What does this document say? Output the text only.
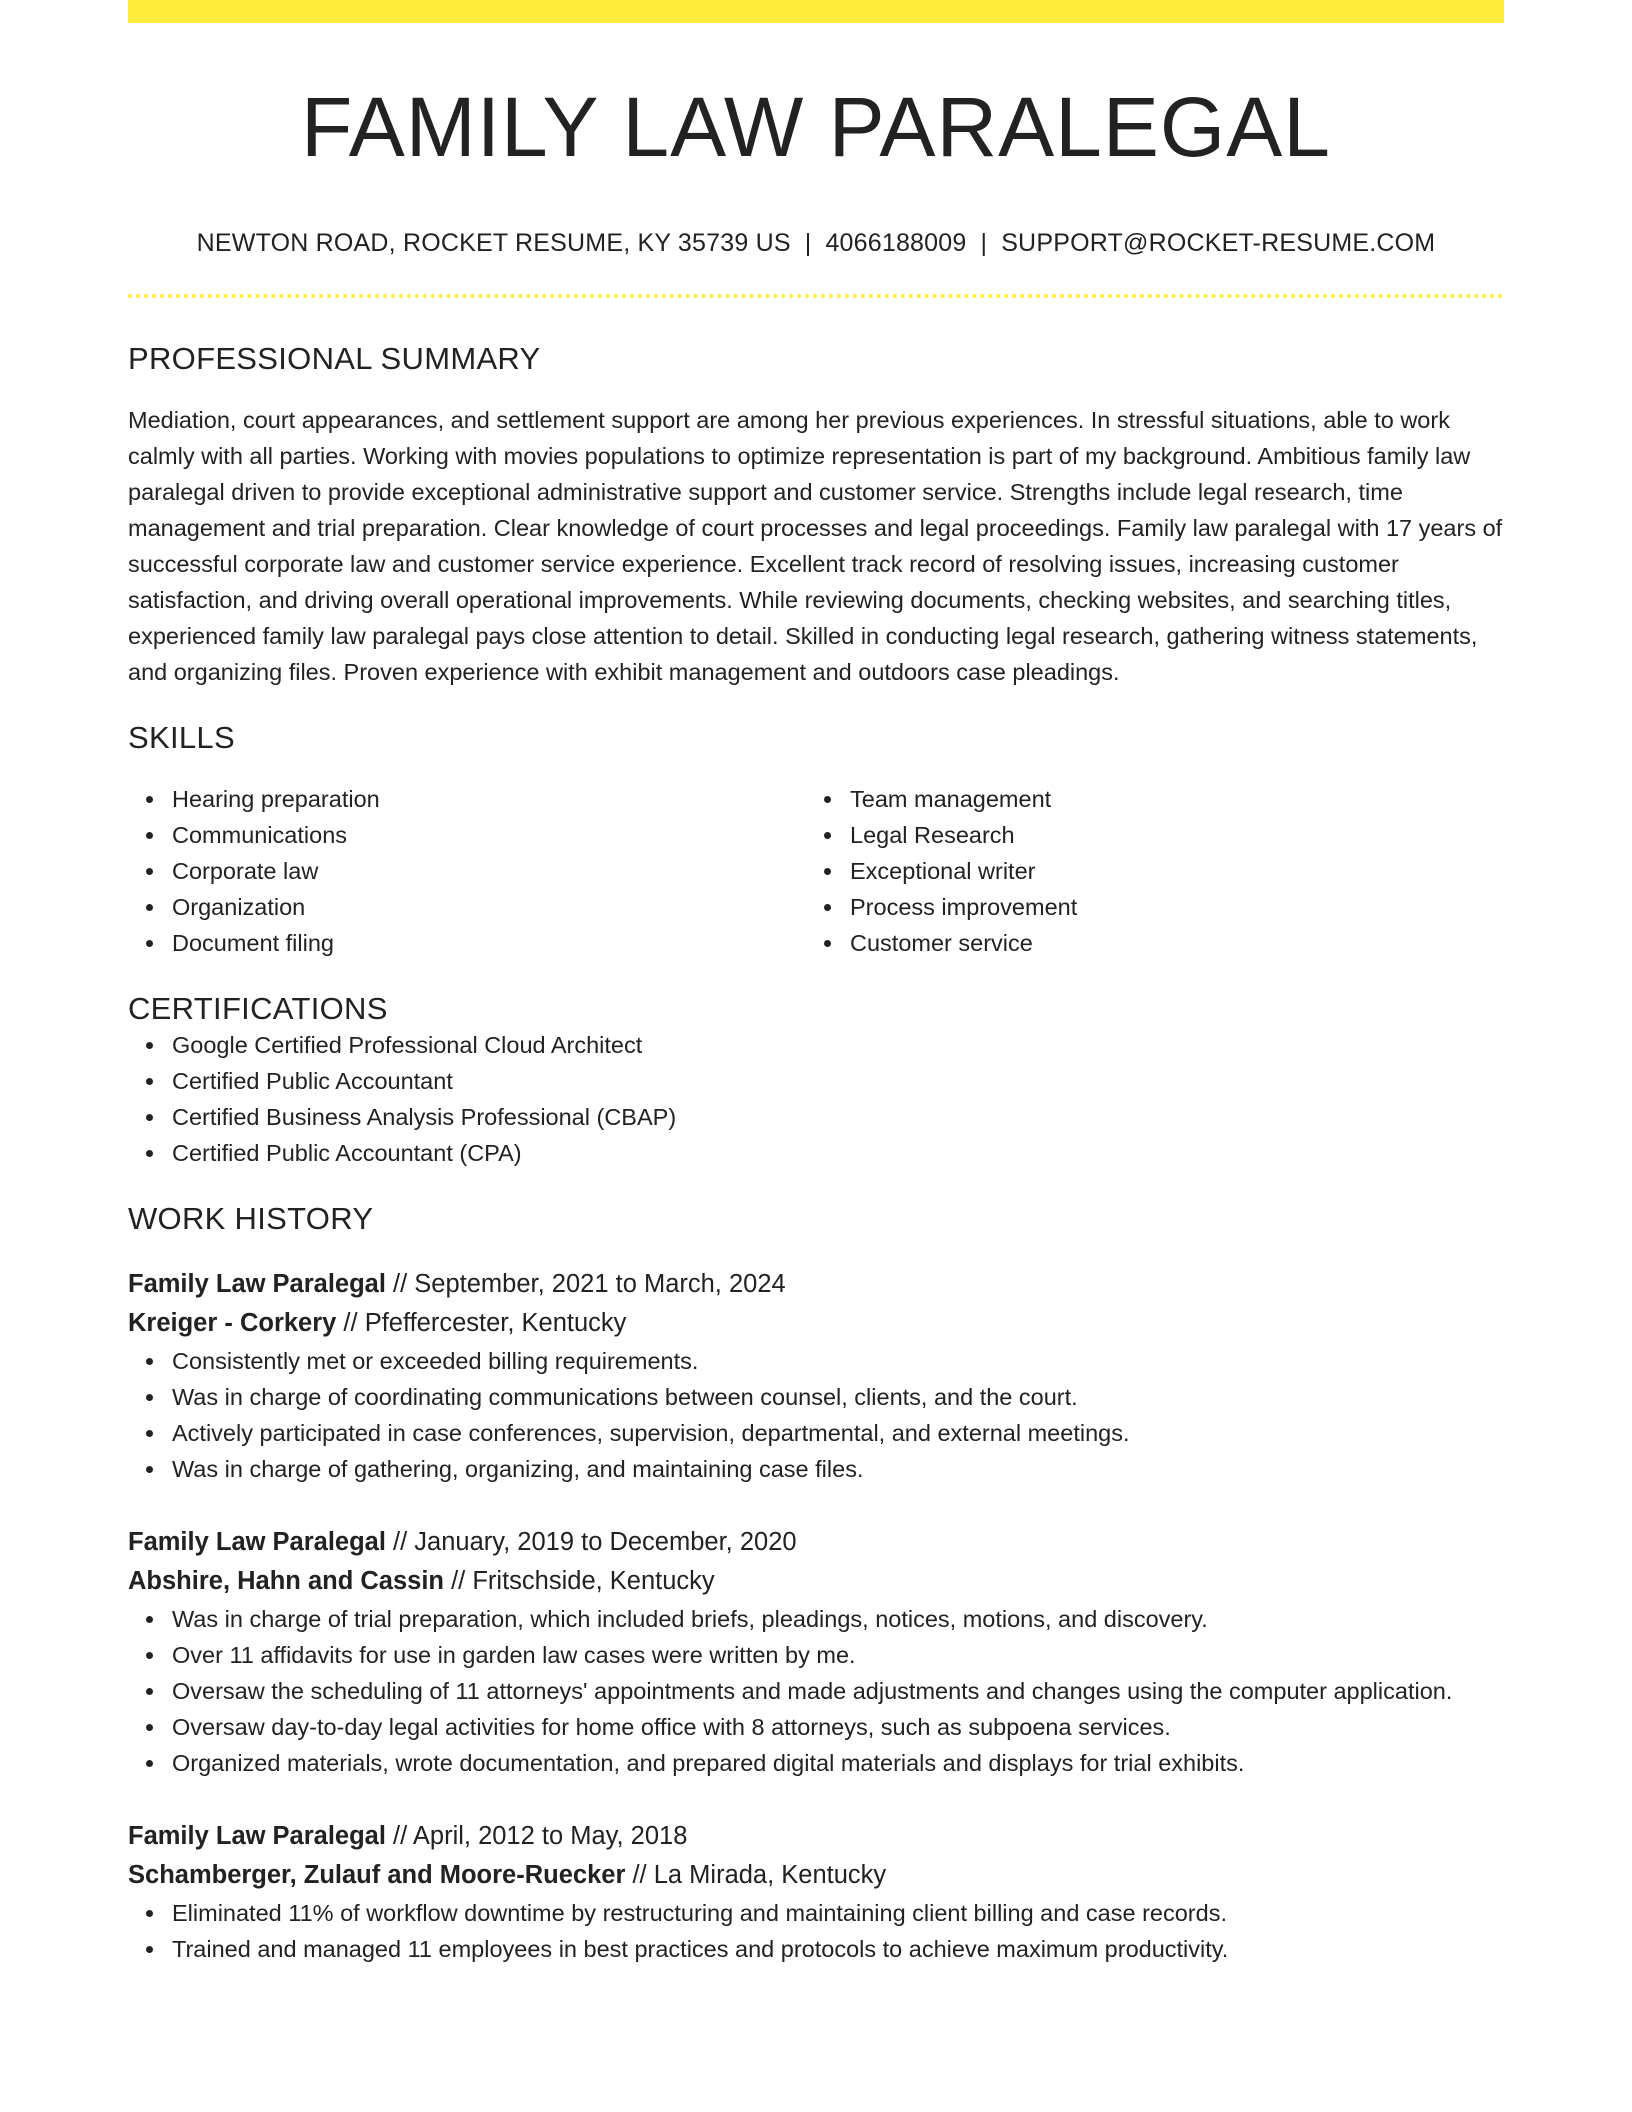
FAMILY LAW PARALEGAL
NEWTON ROAD, ROCKET RESUME, KY 35739 US | 4066188009 | SUPPORT@ROCKET-RESUME.COM
PROFESSIONAL SUMMARY
Mediation, court appearances, and settlement support are among her previous experiences. In stressful situations, able to work calmly with all parties. Working with movies populations to optimize representation is part of my background. Ambitious family law paralegal driven to provide exceptional administrative support and customer service. Strengths include legal research, time management and trial preparation. Clear knowledge of court processes and legal proceedings. Family law paralegal with 17 years of successful corporate law and customer service experience. Excellent track record of resolving issues, increasing customer satisfaction, and driving overall operational improvements. While reviewing documents, checking websites, and searching titles, experienced family law paralegal pays close attention to detail. Skilled in conducting legal research, gathering witness statements, and organizing files. Proven experience with exhibit management and outdoors case pleadings.
SKILLS
Hearing preparation
Communications
Corporate law
Organization
Document filing
Team management
Legal Research
Exceptional writer
Process improvement
Customer service
CERTIFICATIONS
Google Certified Professional Cloud Architect
Certified Public Accountant
Certified Business Analysis Professional (CBAP)
Certified Public Accountant (CPA)
WORK HISTORY
Family Law Paralegal // September, 2021 to March, 2024
Kreiger - Corkery // Pfeffercester, Kentucky
Consistently met or exceeded billing requirements.
Was in charge of coordinating communications between counsel, clients, and the court.
Actively participated in case conferences, supervision, departmental, and external meetings.
Was in charge of gathering, organizing, and maintaining case files.
Family Law Paralegal // January, 2019 to December, 2020
Abshire, Hahn and Cassin // Fritschside, Kentucky
Was in charge of trial preparation, which included briefs, pleadings, notices, motions, and discovery.
Over 11 affidavits for use in garden law cases were written by me.
Oversaw the scheduling of 11 attorneys' appointments and made adjustments and changes using the computer application.
Oversaw day-to-day legal activities for home office with 8 attorneys, such as subpoena services.
Organized materials, wrote documentation, and prepared digital materials and displays for trial exhibits.
Family Law Paralegal // April, 2012 to May, 2018
Schamberger, Zulauf and Moore-Ruecker // La Mirada, Kentucky
Eliminated 11% of workflow downtime by restructuring and maintaining client billing and case records.
Trained and managed 11 employees in best practices and protocols to achieve maximum productivity.
